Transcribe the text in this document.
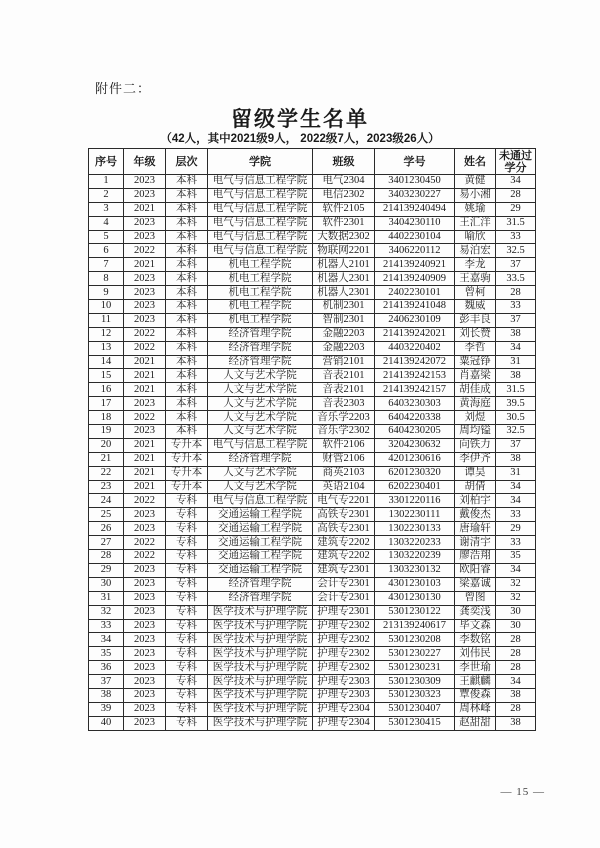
附件二：
留级学生名单
（42人，其中2021级9人， 2022级7人，2023级26人）
序号	年级	层次	学院	班级	学号	姓名	未通过学分
1	2023	本科	电气与信息工程学院	电气2304	3401230450	黄健	34
2	2023	本科	电气与信息工程学院	电信2302	3403230227	易小湘	28
3	2021	本科	电气与信息工程学院	软件2105	214139240494	姚瑜	29
4	2023	本科	电气与信息工程学院	软件2301	3404230110	王汇洋	31.5
5	2023	本科	电气与信息工程学院	大数据2302	4402230104	喻欣	33
6	2022	本科	电气与信息工程学院	物联网2201	3406220112	易泊宏	32.5
7	2021	本科	机电工程学院	机器人2101	214139240921	李龙	37
8	2023	本科	机电工程学院	机器人2301	214139240909	王嘉驹	33.5
9	2023	本科	机电工程学院	机器人2301	2402230101	曾柯	28
10	2023	本科	机电工程学院	机制2301	214139241048	魏威	33
11	2023	本科	机电工程学院	智制2301	2406230109	彭丰良	37
12	2022	本科	经济管理学院	金融2203	214139242021	刘长赞	38
13	2022	本科	经济管理学院	金融2203	4403220402	李哲	34
14	2021	本科	经济管理学院	营销2101	214139242072	粟冠铮	31
15	2021	本科	人文与艺术学院	音表2101	214139242153	肖嘉梁	38
16	2021	本科	人文与艺术学院	音表2101	214139242157	胡佳成	31.5
17	2023	本科	人文与艺术学院	音表2303	6403230303	黄海庭	39.5
18	2022	本科	人文与艺术学院	音乐学2203	6404220338	刘煜	30.5
19	2023	本科	人文与艺术学院	音乐学2302	6404230205	周均镒	32.5
20	2021	专升本	电气与信息工程学院	软件2106	3204230632	向铁力	37
21	2021	专升本	经济管理学院	财管2106	4201230616	李伊齐	38
22	2021	专升本	人文与艺术学院	商英2103	6201230320	谭昊	31
23	2021	专升本	人文与艺术学院	英语2104	6202230401	胡倩	34
24	2022	专科	电气与信息工程学院	电气专2201	3301220116	刘柏宇	34
25	2023	专科	交通运输工程学院	高铁专2301	1302230111	戴俊杰	33
26	2023	专科	交通运输工程学院	高铁专2301	1302230133	唐瑜轩	29
27	2022	专科	交通运输工程学院	建筑专2202	1303220233	谢清宇	33
28	2022	专科	交通运输工程学院	建筑专2202	1303220239	廖浩翔	35
29	2023	专科	交通运输工程学院	建筑专2301	1303230132	欧阳睿	34
30	2023	专科	经济管理学院	会计专2301	4301230103	梁嘉诚	32
31	2023	专科	经济管理学院	会计专2301	4301230130	曾图	32
32	2023	专科	医学技术与护理学院	护理专2301	5301230122	龚奕浅	30
33	2023	专科	医学技术与护理学院	护理专2302	213139240617	毕文森	30
34	2023	专科	医学技术与护理学院	护理专2302	5301230208	李数铭	28
35	2023	专科	医学技术与护理学院	护理专2302	5301230227	刘伟民	28
36	2023	专科	医学技术与护理学院	护理专2302	5301230231	李世瑜	28
37	2023	专科	医学技术与护理学院	护理专2303	5301230309	王麒麟	34
38	2023	专科	医学技术与护理学院	护理专2303	5301230323	覃俊森	38
39	2023	专科	医学技术与护理学院	护理专2304	5301230407	周林峰	28
40	2023	专科	医学技术与护理学院	护理专2304	5301230415	赵甜甜	38
— 15 —
